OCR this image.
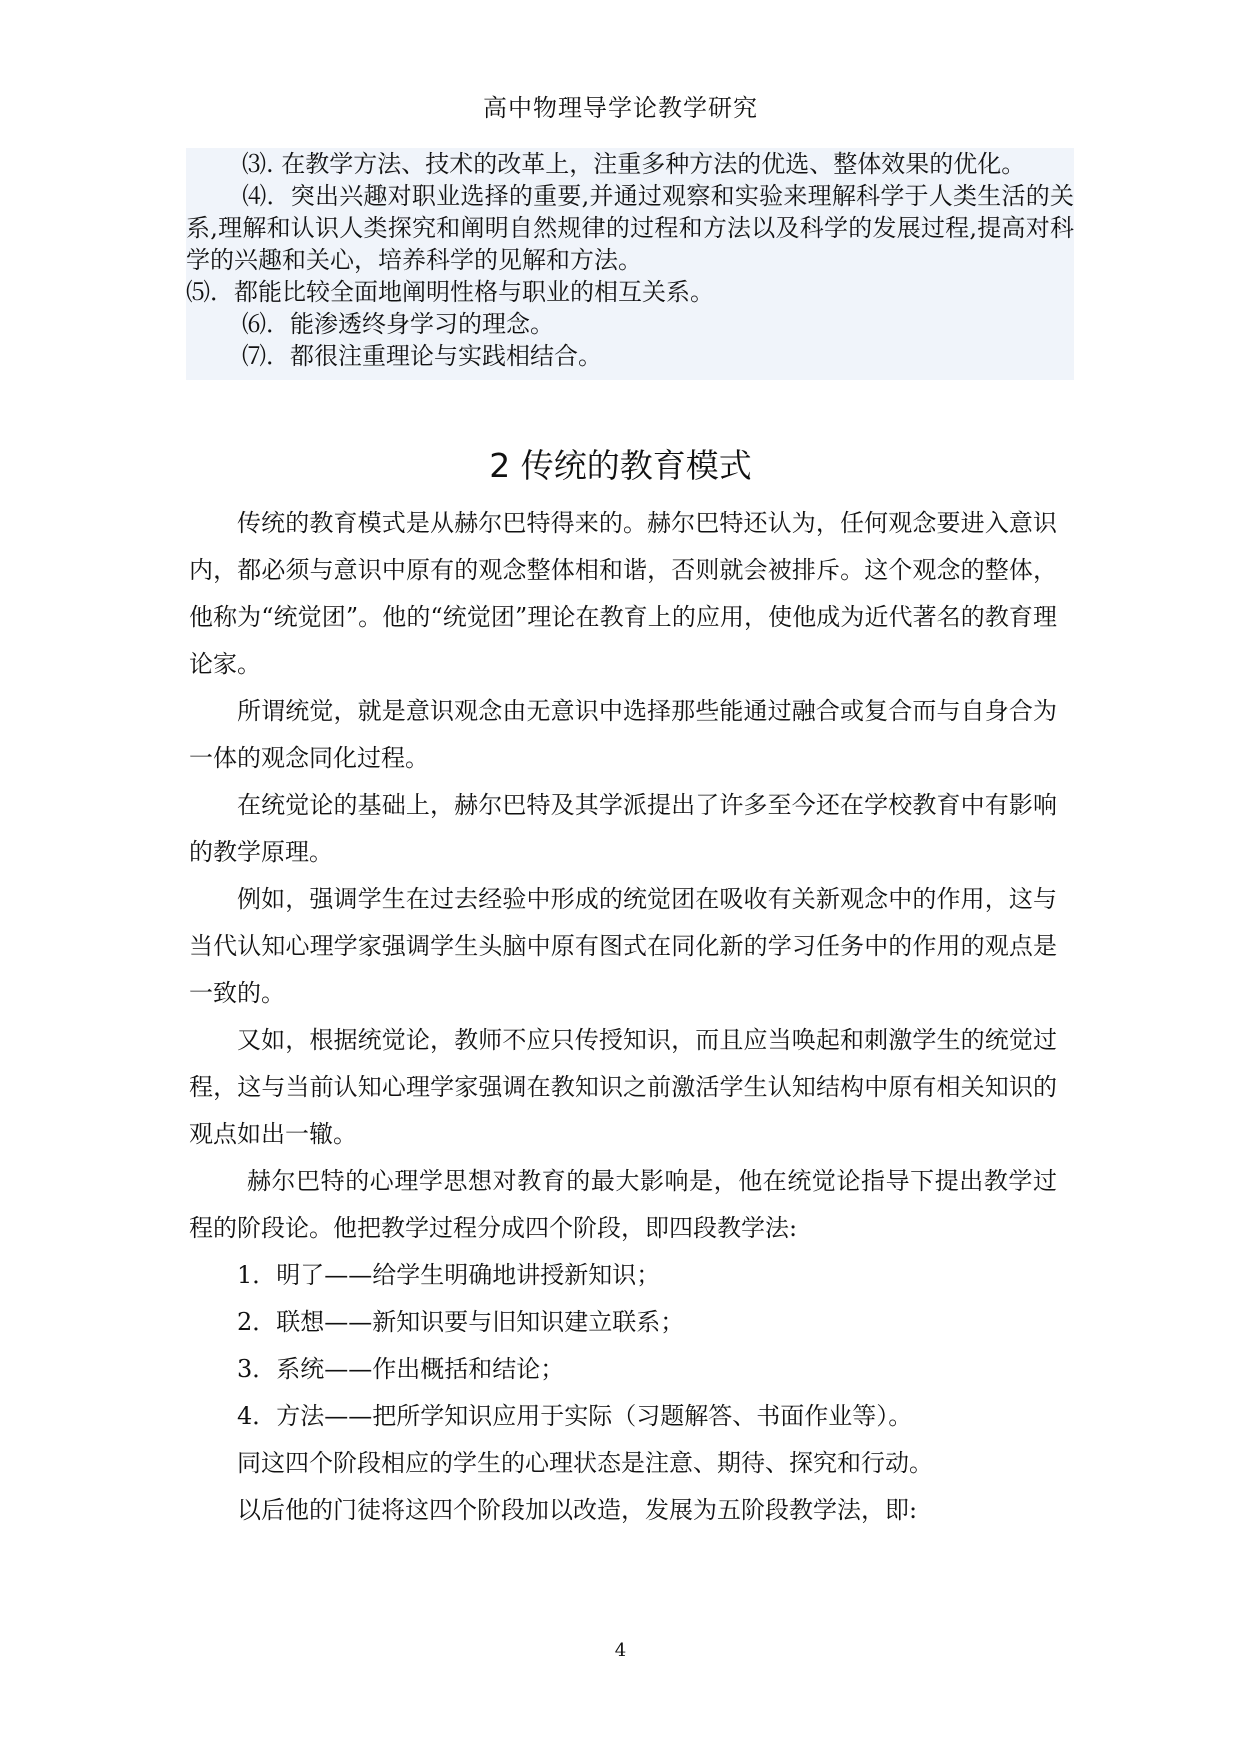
高中物理导学论教学研究
⑶. 在教学方法、技术的改革上，注重多种方法的优选、整体效果的优化。
⑷．突出兴趣对职业选择的重要,并通过观察和实验来理解科学于人类生活的关系,理解和认识人类探究和阐明自然规律的过程和方法以及科学的发展过程,提高对科学的兴趣和关心，培养科学的见解和方法。
⑸．都能比较全面地阐明性格与职业的相互关系。
⑹．能渗透终身学习的理念。
⑺．都很注重理论与实践相结合。
2 传统的教育模式

传统的教育模式是从赫尔巴特得来的。赫尔巴特还认为，任何观念要进入意识内，都必须与意识中原有的观念整体相和谐，否则就会被排斥。这个观念的整体，他称为“统觉团”。他的“统觉团”理论在教育上的应用，使他成为近代著名的教育理论家。

所谓统觉，就是意识观念由无意识中选择那些能通过融合或复合而与自身合为一体的观念同化过程。

在统觉论的基础上，赫尔巴特及其学派提出了许多至今还在学校教育中有影响的教学原理。

例如，强调学生在过去经验中形成的统觉团在吸收有关新观念中的作用，这与当代认知心理学家强调学生头脑中原有图式在同化新的学习任务中的作用的观点是一致的。

又如，根据统觉论，教师不应只传授知识，而且应当唤起和刺激学生的统觉过程，这与当前认知心理学家强调在教知识之前激活学生认知结构中原有相关知识的观点如出一辙。

赫尔巴特的心理学思想对教育的最大影响是，他在统觉论指导下提出教学过程的阶段论。他把教学过程分成四个阶段，即四段教学法:

1．明了——给学生明确地讲授新知识；

2．联想——新知识要与旧知识建立联系；

3．系统——作出概括和结论；

4．方法——把所学知识应用于实际（习题解答、书面作业等）。

同这四个阶段相应的学生的心理状态是注意、期待、探究和行动。

以后他的门徒将这四个阶段加以改造，发展为五阶段教学法，即:

4
